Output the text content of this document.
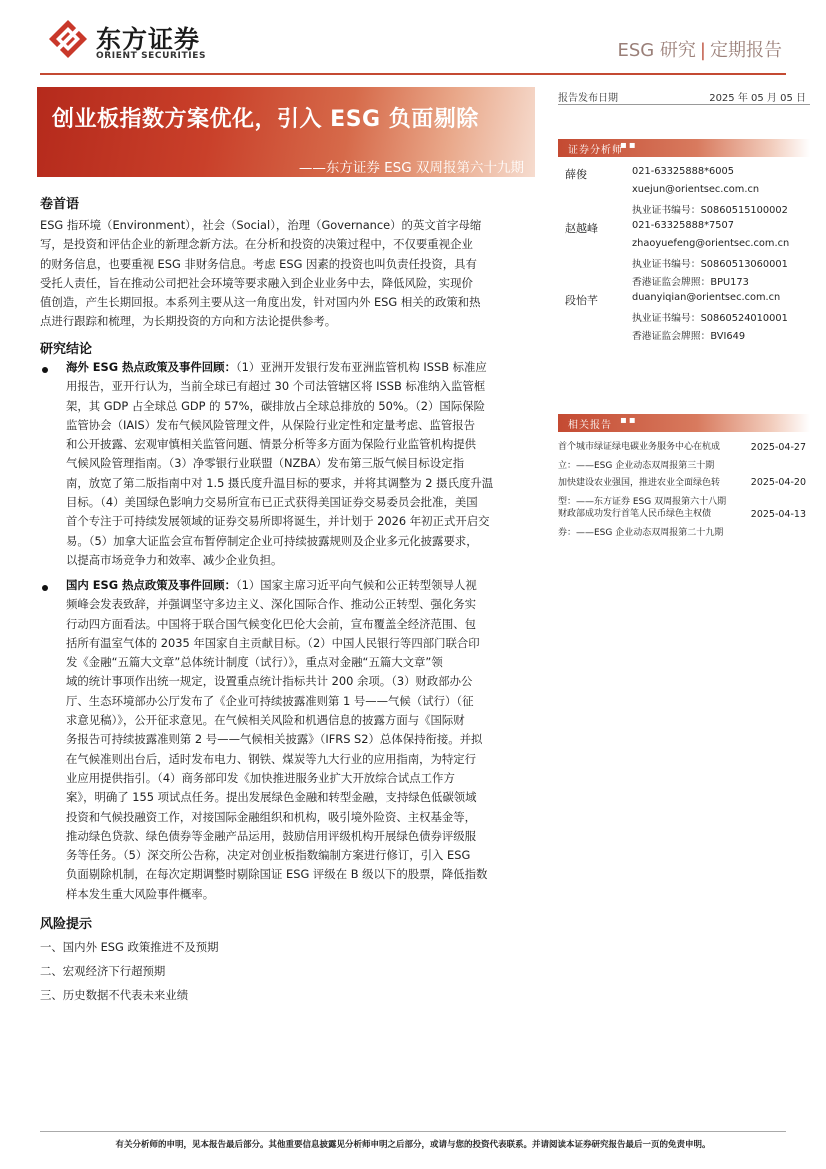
东方证券
ORIENT SECURITIES	ESG 研究 | 定期报告
创业板指数方案优化，引入 ESG 负面剔除
——东方证券 ESG 双周报第六十九期
报告发布日期	2025 年 05 月 05 日
证券分析师
▪▪
薛俊	021-63325888*6005
xuejun@orientsec.com.cn
执业证书编号：S0860515100002
赵越峰	021-63325888*7507
zhaoyuefeng@orientsec.com.cn
执业证书编号：S0860513060001
香港证监会牌照：BPU173
段怡芊	duanyiqian@orientsec.com.cn
执业证书编号：S0860524010001
香港证监会牌照：BVI649
相关报告 ▪▪
首个城市绿证绿电碳业务服务中心在杭成
立：——ESG 企业动态双周报第三十期
2025-04-27
加快建设农业强国，推进农业全面绿色转
型：——东方证券 ESG 双周报第六十八期
2025-04-20
财政部成功发行首笔人民币绿色主权债
券：——ESG 企业动态双周报第二十九期
2025-04-13
卷首语
ESG 指环境（Environment），社会（Social），治理（Governance）的英文首字母缩
写，是投资和评估企业的新理念新方法。在分析和投资的决策过程中，不仅要重视企业
的财务信息，也要重视 ESG 非财务信息。考虑 ESG 因素的投资也叫负责任投资，具有
受托人责任，旨在推动公司把社会环境等要求融入到企业业务中去，降低风险，实现价
值创造，产生长期回报。本系列主要从这一角度出发，针对国内外 ESG 相关的政策和热
点进行跟踪和梳理，为长期投资的方向和方法论提供参考。
研究结论
海外 ESG 热点政策及事件回顾：（1）亚洲开发银行发布亚洲监管机构 ISSB 标准应
用报告，亚开行认为，当前全球已有超过 30 个司法管辖区将 ISSB 标准纳入监管框
架，其 GDP 占全球总 GDP 的 57%，碳排放占全球总排放的 50%。（2）国际保险
监管协会（IAIS）发布气候风险管理文件，从保险行业定性和定量考虑、监管报告
和公开披露、宏观审慎相关监管问题、情景分析等多方面为保险行业监管机构提供
气候风险管理指南。（3）净零银行业联盟（NZBA）发布第三版气候目标设定指
南，放宽了第二版指南中对 1.5 摄氏度升温目标的要求，并将其调整为 2 摄氏度升温
目标。（4）美国绿色影响力交易所宣布已正式获得美国证券交易委员会批准，美国
首个专注于可持续发展领域的证券交易所即将诞生，并计划于 2026 年初正式开启交
易。（5）加拿大证监会宣布暂停制定企业可持续披露规则及企业多元化披露要求，
以提高市场竞争力和效率、减少企业负担。
国内 ESG 热点政策及事件回顾：（1）国家主席习近平向气候和公正转型领导人视
频峰会发表致辞，并强调坚守多边主义、深化国际合作、推动公正转型、强化务实
行动四方面看法。中国将于联合国气候变化巴伦大会前，宣布覆盖全经济范围、包
括所有温室气体的 2035 年国家自主贡献目标。（2）中国人民银行等四部门联合印
发《金融“五篇大文章”总体统计制度（试行）》，重点对金融“五篇大文章”领
域的统计事项作出统一规定，设置重点统计指标共计 200 余项。（3）财政部办公
厅、生态环境部办公厅发布了《企业可持续披露准则第 1 号——气候（试行）（征
求意见稿）》，公开征求意见。在气候相关风险和机遇信息的披露方面与《国际财
务报告可持续披露准则第 2 号——气候相关披露》（IFRS S2）总体保持衔接。并拟
在气候准则出台后，适时发布电力、钢铁、煤炭等九大行业的应用指南，为特定行
业应用提供指引。（4）商务部印发《加快推进服务业扩大开放综合试点工作方
案》，明确了 155 项试点任务。提出发展绿色金融和转型金融，支持绿色低碳领域
投资和气候投融资工作，对接国际金融组织和机构，吸引境外险资、主权基金等，
推动绿色贷款、绿色债券等金融产品运用，鼓励信用评级机构开展绿色债券评级服
务等任务。（5）深交所公告称，决定对创业板指数编制方案进行修订，引入 ESG
负面剔除机制，在每次定期调整时剔除国证 ESG 评级在 B 级以下的股票，降低指数
样本发生重大风险事件概率。
风险提示
一、国内外 ESG 政策推进不及预期
二、宏观经济下行超预期
三、历史数据不代表未来业绩
有关分析师的申明，见本报告最后部分。其他重要信息披露见分析师申明之后部分，或请与您的投资代表联系。并请阅读本证券研究报告最后一页的免责申明。
